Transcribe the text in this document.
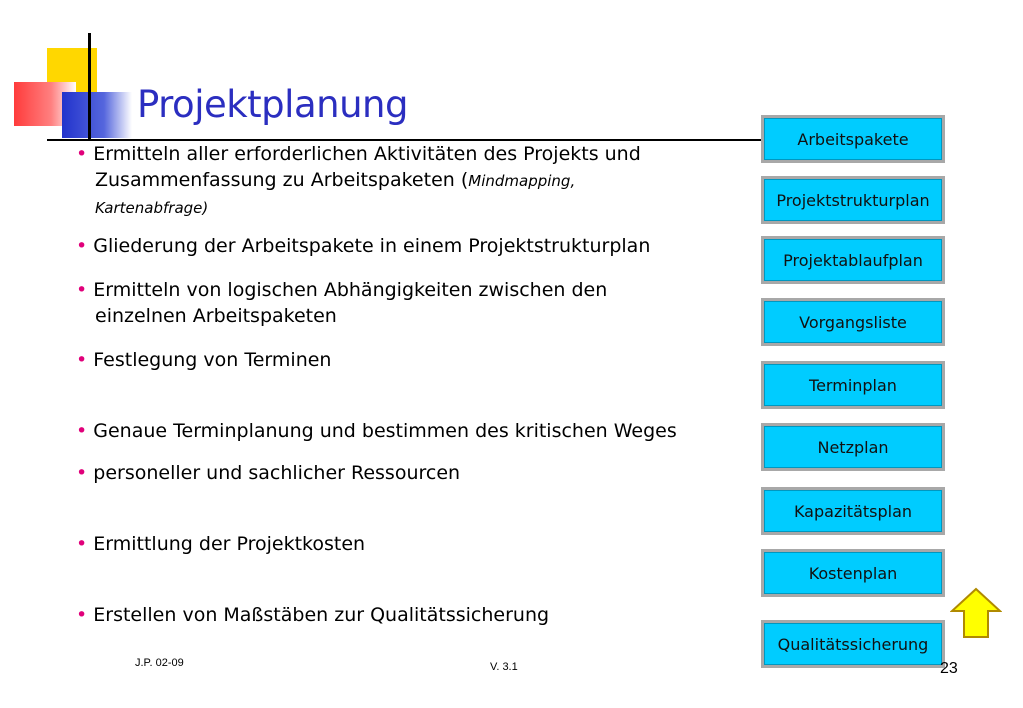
Projektplanung
• Ermitteln aller erforderlichen Aktivitäten des Projekts und
Zusammenfassung zu Arbeitspaketen (Mindmapping,
Kartenabfrage)
• Gliederung der Arbeitspakete in einem Projektstrukturplan
• Ermitteln von logischen Abhängigkeiten zwischen den
einzelnen Arbeitspaketen
• Festlegung von Terminen
• Genaue Terminplanung und bestimmen des kritischen Weges
• personeller und sachlicher Ressourcen
• Ermittlung der Projektkosten
• Erstellen von Maßstäben zur Qualitätssicherung
Arbeitspakete
Projektstrukturplan
Projektablaufplan
Vorgangsliste
Terminplan
Netzplan
Kapazitätsplan
Kostenplan
Qualitätssicherung
J.P. 02-09	V. 3.1	23
